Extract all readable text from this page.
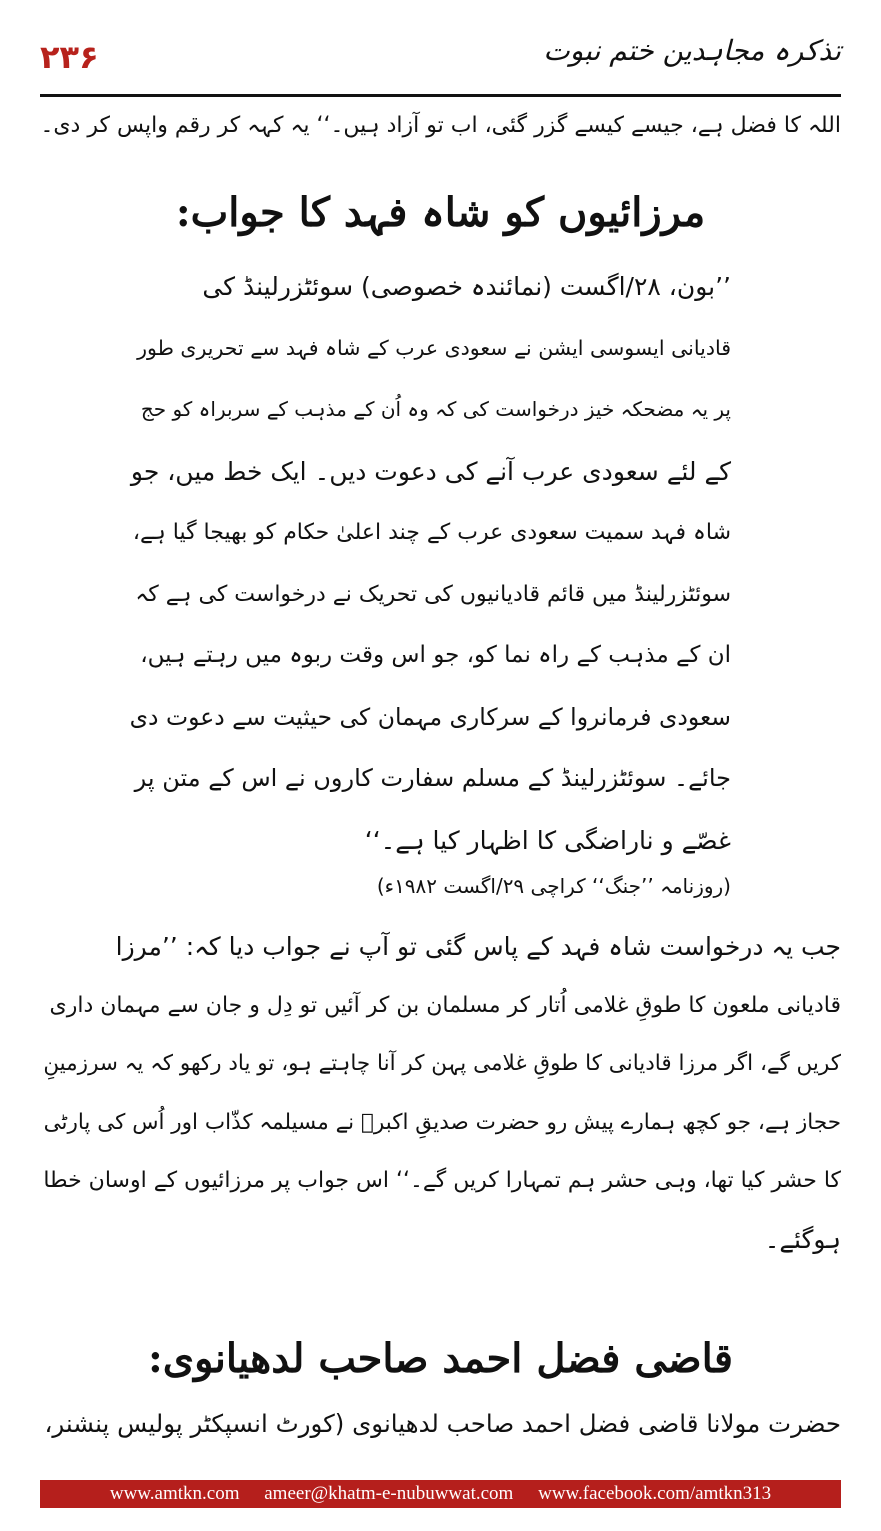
۲۳۶	تذکرہ مجاہدین ختم نبوت
اللہ کا فضل ہے، جیسے کیسے گزر گئی، اب تو آزاد ہیں۔‘‘ یہ کہہ کر رقم واپس کر دی۔
مرزائیوں کو شاہ فہد کا جواب:
’’بون، ۲۸/اگست (نمائندہ خصوصی) سوئٹزرلینڈ کی
قادیانی ایسوسی ایشن نے سعودی عرب کے شاہ فہد سے تحریری طور
پر یہ مضحکہ خیز درخواست کی کہ وہ اُن کے مذہب کے سربراہ کو حج
کے لئے سعودی عرب آنے کی دعوت دیں۔ ایک خط میں، جو
شاہ فہد سمیت سعودی عرب کے چند اعلیٰ حکام کو بھیجا گیا ہے،
سوئٹزرلینڈ میں قائم قادیانیوں کی تحریک نے درخواست کی ہے کہ
ان کے مذہب کے راہ نما کو، جو اس وقت ربوہ میں رہتے ہیں،
سعودی فرمانروا کے سرکاری مہمان کی حیثیت سے دعوت دی
جائے۔ سوئٹزرلینڈ کے مسلم سفارت کاروں نے اس کے متن پر
غصّے و ناراضگی کا اظہار کیا ہے۔‘‘
(روزنامہ ’’جنگ‘‘ کراچی ۲۹/اگست ۱۹۸۲ء)
جب یہ درخواست شاہ فہد کے پاس گئی تو آپ نے جواب دیا کہ: ’’مرزا
قادیانی ملعون کا طوقِ غلامی اُتار کر مسلمان بن کر آئیں تو دِل و جان سے مہمان داری
کریں گے، اگر مرزا قادیانی کا طوقِ غلامی پہن کر آنا چاہتے ہو، تو یاد رکھو کہ یہ سرزمینِ
حجاز ہے، جو کچھ ہمارے پیش رو حضرت صدیقِ اکبرؓ نے مسیلمہ کذّاب اور اُس کی پارٹی
کا حشر کیا تھا، وہی حشر ہم تمہارا کریں گے۔‘‘ اس جواب پر مرزائیوں کے اوسان خطا
ہوگئے۔
قاضی فضل احمد صاحب لدھیانوی:
حضرت مولانا قاضی فضل احمد صاحب لدھیانوی (کورٹ انسپکٹر پولیس پنشنر،
www.amtkn.com ameer@khatm-e-nubuwwat.com www.facebook.com/amtkn313
